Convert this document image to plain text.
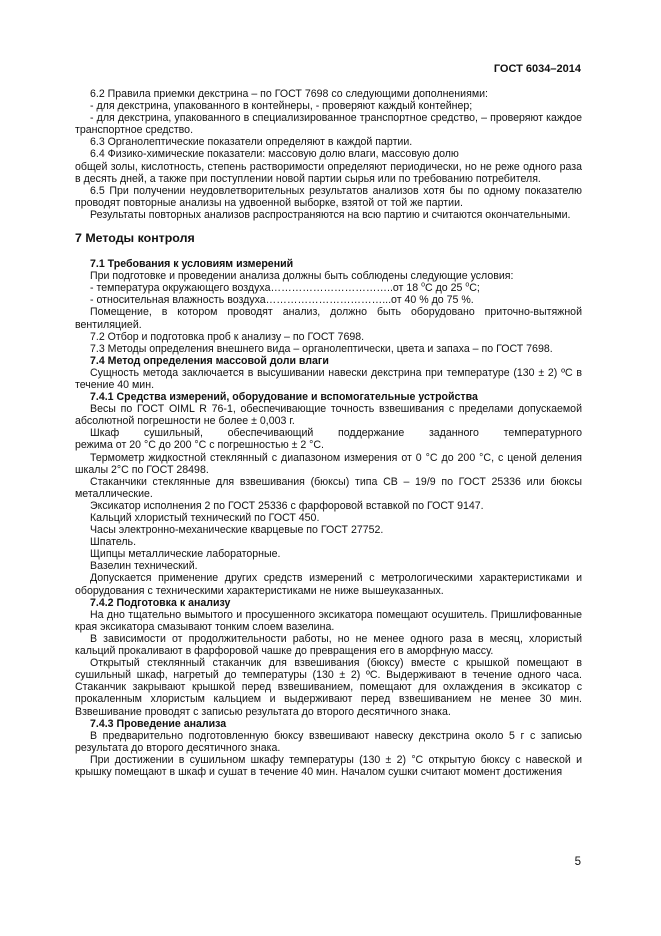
ГОСТ 6034–2014

6.2 Правила приемки декстрина – по ГОСТ 7698 со следующими дополнениями:

- для декстрина, упакованного в контейнеры, - проверяют каждый контейнер;

- для декстрина, упакованного в специализированное транспортное средство, – проверяют каждое транспортное средство.

6.3 Органолептические показатели определяют в каждой партии.

6.4 Физико-химические показатели: массовую долю влаги, массовую долю

общей золы, кислотность, степень растворимости определяют периодически, но не реже одного раза в десять дней, а также при поступлении новой партии сырья или по требованию потребителя.

6.5 При получении неудовлетворительных результатов анализов хотя бы по одному показателю проводят повторные анализы на удвоенной выборке, взятой от той же партии.

Результаты повторных анализов распространяются на всю партию и считаются окончательными.

7 Методы контроля

7.1 Требования к условиям измерений

При подготовке и проведении анализа должны быть соблюдены следующие условия:

- температура окружающего воздуха……………………………..от 18 $^о$С до 25 $^о$С;

- относительная влажность воздуха……………………………...от 40 % до 75 %.

Помещение, в котором проводят анализ, должно быть оборудовано приточно-вытяжной вентиляцией.

7.2 Отбор и подготовка проб к анализу – по ГОСТ 7698.

7.3 Методы определения внешнего вида – органолептически, цвета и запаха – по ГОСТ 7698.

7.4 Метод определения массовой доли влаги

Сущность метода заключается в высушивании навески декстрина при температуре (130 ± 2) ºС в течение 40 мин.

7.4.1 Средства измерений, оборудование и вспомогательные устройства

Весы по ГОСТ OIML R 76-1, обеспечивающие точность взвешивания с пределами допускаемой абсолютной погрешности не более ± 0,003 г.

Шкаф сушильный, обеспечивающий поддержание заданного температурного

режима от 20 °С до 200 °С с погрешностью ± 2 °С.

Термометр жидкостной стеклянный с диапазоном измерения от 0 °С до 200 °С, с ценой деления шкалы 2°С по ГОСТ 28498.

Стаканчики стеклянные для взвешивания (бюксы) типа СВ – 19/9 по ГОСТ 25336 или бюксы металлические.

Эксикатор исполнения 2 по ГОСТ 25336 с фарфоровой вставкой по ГОСТ 9147.

Кальций хлористый технический по ГОСТ 450.

Часы электронно-механические кварцевые по ГОСТ 27752.

Шпатель.

Щипцы металлические лабораторные.

Вазелин технический.

Допускается применение других средств измерений с метрологическими характеристиками и оборудования с техническими характеристиками не ниже вышеуказанных.

7.4.2 Подготовка к анализу

На дно тщательно вымытого и просушенного эксикатора помещают осушитель. Пришлифованные края эксикатора смазывают тонким слоем вазелина.

В зависимости от продолжительности работы, но не менее одного раза в месяц, хлористый кальций прокаливают в фарфоровой чашке до превращения его в аморфную массу.

Открытый стеклянный стаканчик для взвешивания (бюксу) вместе с крышкой помещают в сушильный шкаф, нагретый до температуры (130 ± 2) ºС. Выдерживают в течение одного часа. Стаканчик закрывают крышкой перед взвешиванием, помещают для охлаждения в эксикатор с прокаленным хлористым кальцием и выдерживают перед взвешиванием не менее 30 мин. Взвешивание проводят с записью результата до второго десятичного знака.

7.4.3 Проведение анализа

В предварительно подготовленную бюксу взвешивают навеску декстрина около 5 г с записью результата до второго десятичного знака.

При достижении в сушильном шкафу температуры (130 ± 2) °С открытую бюксу с навеской и крышку помещают в шкаф и сушат в течение 40 мин. Началом сушки считают момент достижения

5
